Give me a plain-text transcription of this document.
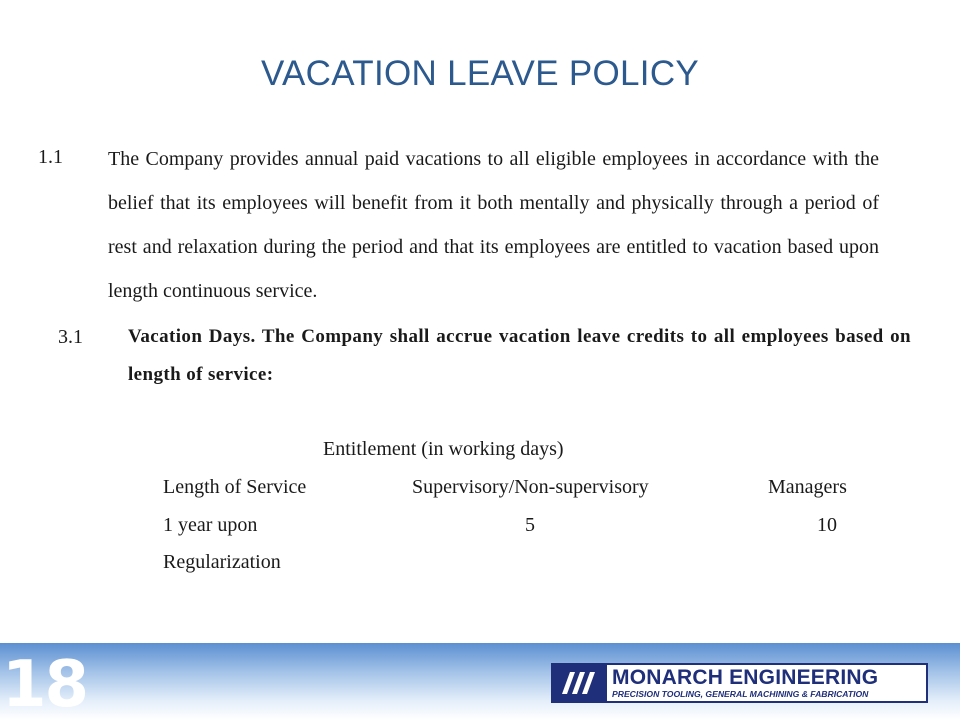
VACATION LEAVE POLICY
1.1 The Company provides annual paid vacations to all eligible employees in accordance with the belief that its employees will benefit from it both mentally and physically through a period of rest and relaxation during the period and that its employees are entitled to vacation based upon length continuous service.
3.1 Vacation Days. The Company shall accrue vacation leave credits to all employees based on length of service:
Entitlement (in working days)
Length of Service	Supervisory/Non-supervisory	Managers
1 year upon	5	10
Regularization
18	MONARCH ENGINEERING
PRECISION TOOLING, GENERAL MACHINING & FABRICATION
